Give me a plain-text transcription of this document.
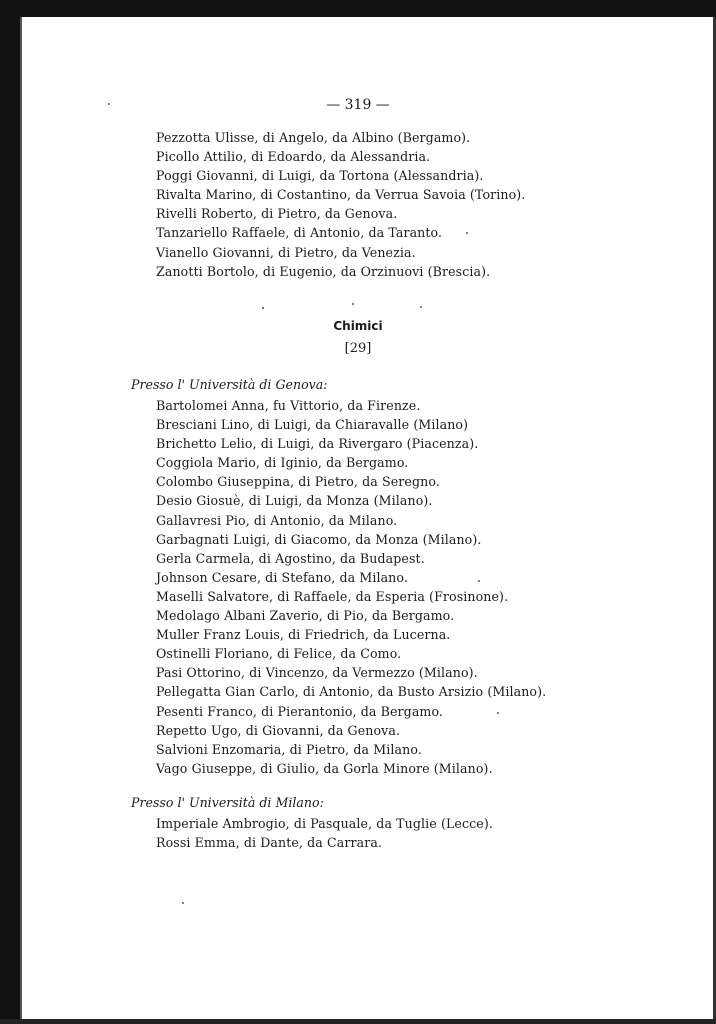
— 319 —
Pezzotta Ulisse, di Angelo, da Albino (Bergamo).
Picollo Attilio, di Edoardo, da Alessandria.
Poggi Giovanni, di Luigi, da Tortona (Alessandria).
Rivalta Marino, di Costantino, da Verrua Savoia (Torino).
Rivelli Roberto, di Pietro, da Genova.
Tanzariello Raffaele, di Antonio, da Taranto.
Vianello Giovanni, di Pietro, da Venezia.
Zanotti Bortolo, di Eugenio, da Orzinuovi (Brescia).
Chimici
[29]
Presso l' Università di Genova:
Bartolomei Anna, fu Vittorio, da Firenze.
Bresciani Lino, di Luigi, da Chiaravalle (Milano)
Brichetto Lelio, di Luigi, da Rivergaro (Piacenza).
Coggiola Mario, di Iginio, da Bergamo.
Colombo Giuseppina, di Pietro, da Seregno.
Desio Giosuè, di Luigi, da Monza (Milano).
Gallavresi Pio, di Antonio, da Milano.
Garbagnati Luigi, di Giacomo, da Monza (Milano).
Gerla Carmela, di Agostino, da Budapest.
Johnson Cesare, di Stefano, da Milano.
Maselli Salvatore, di Raffaele, da Esperia (Frosinone).
Medolago Albani Zaverio, di Pio, da Bergamo.
Muller Franz Louis, di Friedrich, da Lucerna.
Ostinelli Floriano, di Felice, da Como.
Pasi Ottorino, di Vincenzo, da Vermezzo (Milano).
Pellegatta Gian Carlo, di Antonio, da Busto Arsizio (Milano).
Pesenti Franco, di Pierantonio, da Bergamo.
Repetto Ugo, di Giovanni, da Genova.
Salvioni Enzomaria, di Pietro, da Milano.
Vago Giuseppe, di Giulio, da Gorla Minore (Milano).
Presso l' Università di Milano:
Imperiale Ambrogio, di Pasquale, da Tuglie (Lecce).
Rossi Emma, di Dante, da Carrara.
